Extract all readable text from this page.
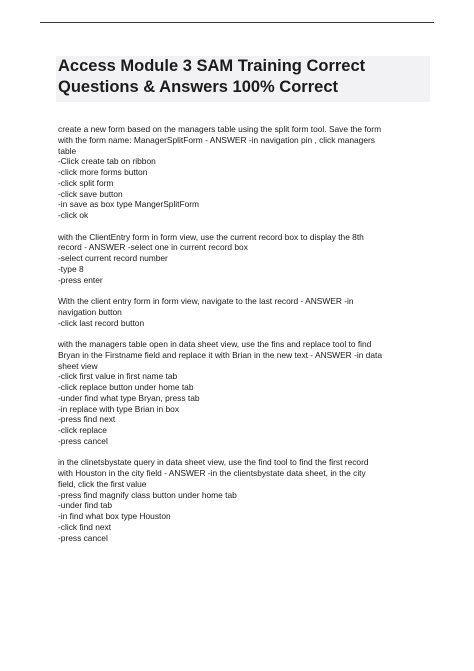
Access Module 3 SAM Training Correct
Questions & Answers 100% Correct

create a new form based on the managers table using the split form tool. Save the form
with the form name: ManagerSplitForm - ANSWER -in navigation pin , click managers
table
-Click create tab on ribbon
-click more forms button
-click split form
-click save button
-in save as box type MangerSplitForm
-click ok

with the ClientEntry form in form view, use the current record box to display the 8th
record - ANSWER -select one in current record box
-select current record number
-type 8
-press enter

With the client entry form in form view, navigate to the last record - ANSWER -in
navigation button
-click last record button

with the managers table open in data sheet view, use the fins and replace tool to find
Bryan in the Firstname field and replace it with Brian in the new text - ANSWER -in data
sheet view
-click first value in first name tab
-click replace button under home tab
-under find what type Bryan, press tab
-in replace with type Brian in box
-press find next
-click replace
-press cancel

in the clinetsbystate query in data sheet view, use the find tool to find the first record
with Houston in the city field - ANSWER -in the clientsbystate data sheet, in the city
field, click the first value
-press find magnify class button under home tab
-under find tab
-in find what box type Houston
-click find next
-press cancel
